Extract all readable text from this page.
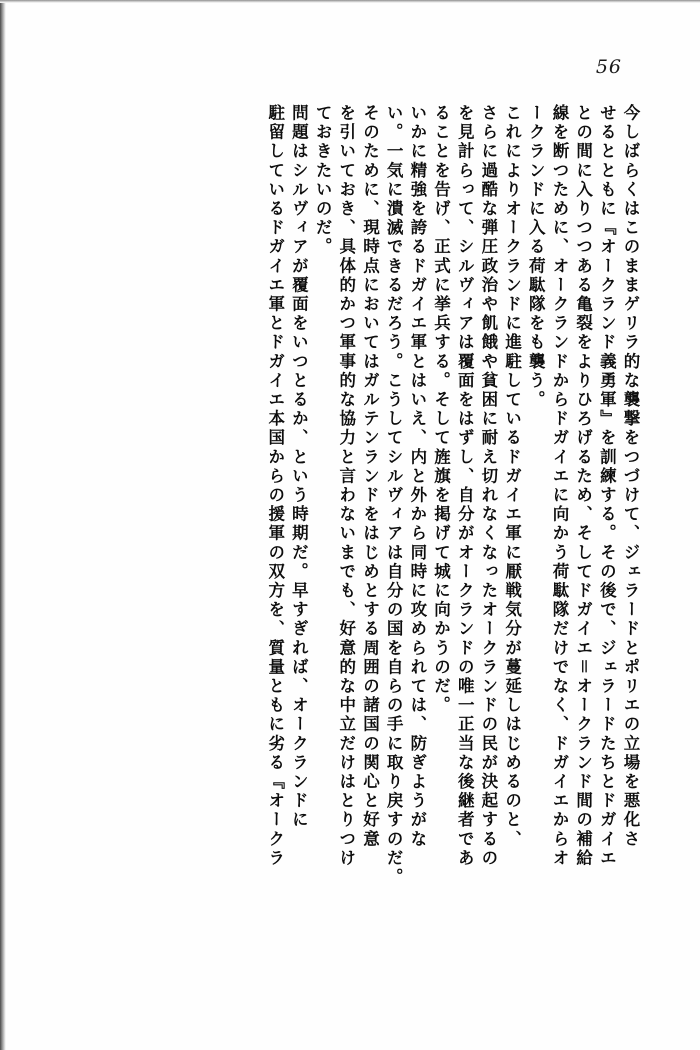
56
今しばらくはこのままゲリラ的な襲撃をつづけて、ジェラードとポリエの立場を悪化さ
せるとともに『オークランド義勇軍』を訓練する。その後で、ジェラードたちとドガイエ
との間に入りつつある亀裂をよりひろげるため、そしてドガイエ＝オークランド間の補給
線を断つために、オークランドからドガイエに向かう荷駄隊だけでなく、ドガイエからオ
ークランドに入る荷駄隊をも襲う。
これによりオークランドに進駐しているドガイエ軍に厭戦気分が蔓延しはじめるのと、
さらに過酷な弾圧政治や飢餓や貧困に耐え切れなくなったオークランドの民が決起するの
を見計らって、シルヴィアは覆面をはずし、自分がオークランドの唯一正当な後継者であ
ることを告げ、正式に挙兵する。そして旌旗を掲げて城に向かうのだ。
いかに精強を誇るドガイエ軍とはいえ、内と外から同時に攻められては、防ぎようがな
い。一気に潰滅できるだろう。こうしてシルヴィアは自分の国を自らの手に取り戻すのだ。
そのために、現時点においてはガルテンランドをはじめとする周囲の諸国の関心と好意
を引いておき、具体的かつ軍事的な協力と言わないまでも、好意的な中立だけはとりつけ
ておきたいのだ。
問題はシルヴィアが覆面をいつとるか、という時期だ。早すぎれば、オークランドに
駐留しているドガイエ軍とドガイエ本国からの援軍の双方を、質量ともに劣る『オークラ
